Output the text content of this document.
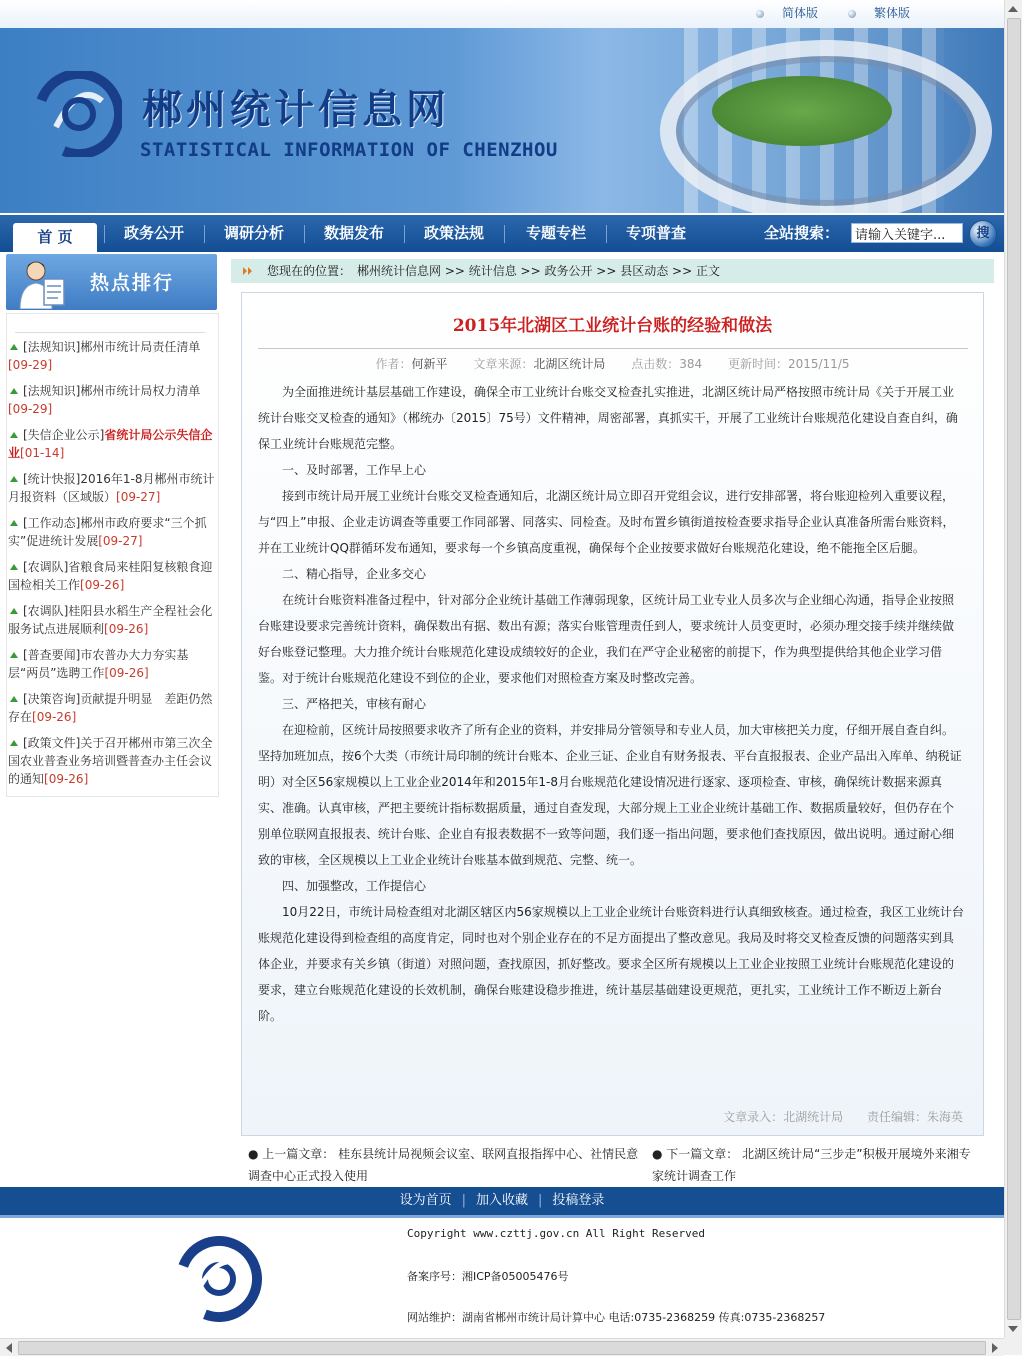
简体版	繁体版
郴州统计信息网
STATISTICAL INFORMATION OF CHENZHOU
首 页	政务公开	调研分析	数据发布	政策法规	专题专栏	专项普查	全站搜索：
请输入关键字...	搜
热点排行
[法规知识]郴州市统计局责任清单
[09-29]
[法规知识]郴州市统计局权力清单
[09-29]
[失信企业公示]省统计局公示失信企业[01-14]
[统计快报]2016年1-8月郴州市统计月报资料（区域版）[09-27]
[工作动态]郴州市政府要求“三个抓实”促进统计发展[09-27]
[农调队]省粮食局来桂阳复核粮食迎国检相关工作[09-26]
[农调队]桂阳县水稻生产全程社会化服务试点进展顺利[09-26]
[普查要闻]市农普办大力夯实基层“两员”选聘工作[09-26]
[决策咨询]贡献提升明显　差距仍然存在[09-26]
[政策文件]关于召开郴州市第三次全国农业普查业务培训暨普查办主任会议的通知[09-26]
您现在的位置：　郴州统计信息网 >> 统计信息 >> 政务公开 >> 县区动态 >> 正文
2015年北湖区工业统计台账的经验和做法
作者：何新平 文章来源：北湖区统计局 点击数：384 更新时间：2015/11/5

为全面推进统计基层基础工作建设，确保全市工业统计台账交叉检查扎实推进，北湖区统计局严格按照市统计局《关于开展工业统计台账交叉检查的通知》（郴统办〔2015〕75号）文件精神，周密部署，真抓实干，开展了工业统计台账规范化建设自查自纠，确保工业统计台账规范完整。

一、及时部署，工作早上心

接到市统计局开展工业统计台账交叉检查通知后，北湖区统计局立即召开党组会议，进行安排部署，将台账迎检列入重要议程，与“四上”申报、企业走访调查等重要工作同部署、同落实、同检查。及时布置乡镇街道按检查要求指导企业认真准备所需台账资料，并在工业统计QQ群循环发布通知，要求每一个乡镇高度重视，确保每个企业按要求做好台账规范化建设，绝不能拖全区后腿。

二、精心指导，企业多交心

在统计台账资料准备过程中，针对部分企业统计基础工作薄弱现象，区统计局工业专业人员多次与企业细心沟通，指导企业按照台账建设要求完善统计资料，确保数出有据、数出有源；落实台账管理责任到人，要求统计人员变更时，必须办理交接手续并继续做好台账登记整理。大力推介统计台账规范化建设成绩较好的企业，我们在严守企业秘密的前提下，作为典型提供给其他企业学习借鉴。对于统计台账规范化建设不到位的企业，要求他们对照检查方案及时整改完善。

三、严格把关，审核有耐心

在迎检前，区统计局按照要求收齐了所有企业的资料，并安排局分管领导和专业人员，加大审核把关力度，仔细开展自查自纠。坚持加班加点，按6个大类（市统计局印制的统计台账本、企业三证、企业自有财务报表、平台直报报表、企业产品出入库单、纳税证明）对全区56家规模以上工业企业2014年和2015年1-8月台账规范化建设情况进行逐家、逐项检查、审核，确保统计数据来源真实、准确。认真审核，严把主要统计指标数据质量，通过自查发现，大部分规上工业企业统计基础工作、数据质量较好，但仍存在个别单位联网直报报表、统计台账、企业自有报表数据不一致等问题，我们逐一指出问题，要求他们查找原因，做出说明。通过耐心细致的审核，全区规模以上工业企业统计台账基本做到规范、完整、统一。

四、加强整改，工作提信心

10月22日，市统计局检查组对北湖区辖区内56家规模以上工业企业统计台账资料进行认真细致核查。通过检查，我区工业统计台账规范化建设得到检查组的高度肯定，同时也对个别企业存在的不足方面提出了整改意见。我局及时将交叉检查反馈的问题落实到具体企业，并要求有关乡镇（街道）对照问题，查找原因，抓好整改。要求全区所有规模以上工业企业按照工业统计台账规范化建设的要求，建立台账规范化建设的长效机制，确保台账建设稳步推进，统计基层基础建设更规范，更扎实，工业统计工作不断迈上新台阶。

文章录入：北湖统计局 责任编辑：朱海英
● 上一篇文章： 桂东县统计局视频会议室、联网直报指挥中心、社情民意调查中心正式投入使用
● 下一篇文章： 北湖区统计局“三步走”积极开展境外来湘专家统计调查工作
设为首页 | 加入收藏 | 投稿登录
Copyright www.czttj.gov.cn All Right Reserved
备案序号：湘ICP备05005476号
网站维护：湖南省郴州市统计局计算中心 电话:0735-2368259 传真:0735-2368257
